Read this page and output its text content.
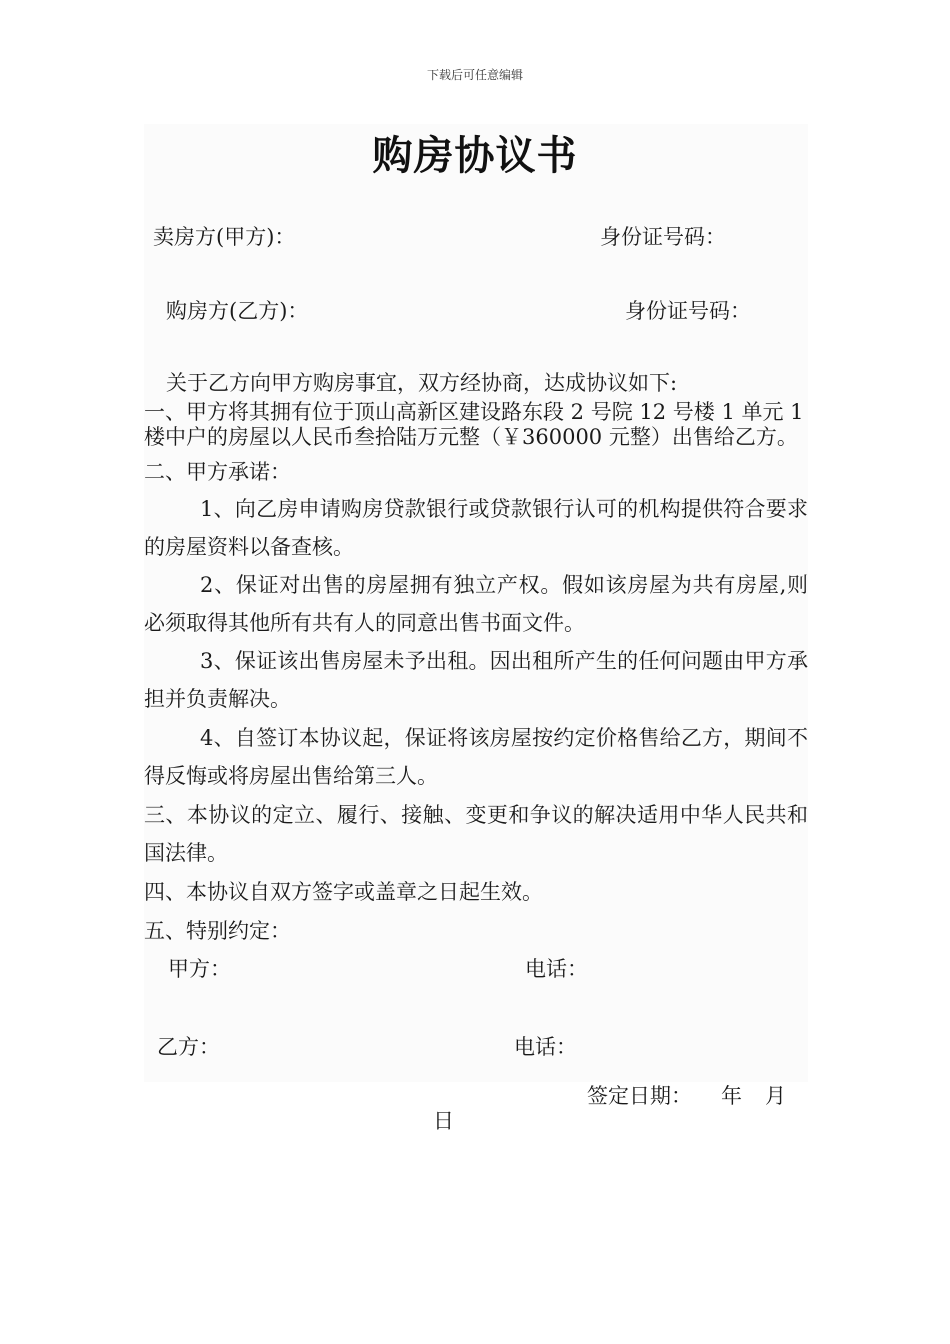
下载后可任意编辑
购房协议书
卖房方(甲方)：	身份证号码：
购房方(乙方)：	身份证号码：
关于乙方向甲方购房事宜，双方经协商，达成协议如下:
一、甲方将其拥有位于顶山高新区建设路东段 2 号院 12 号楼 1 单元 1
楼中户的房屋以人民币叁拾陆万元整（￥360000 元整）出售给乙方。
二、甲方承诺：
1、向乙房申请购房贷款银行或贷款银行认可的机构提供符合要求的房屋资料以备查核。
2、保证对出售的房屋拥有独立产权。假如该房屋为共有房屋,则必须取得其他所有共有人的同意出售书面文件。
3、保证该出售房屋未予出租。因出租所产生的任何问题由甲方承担并负责解决。
4、自签订本协议起，保证将该房屋按约定价格售给乙方，期间不得反悔或将房屋出售给第三人。
三、本协议的定立、履行、接触、变更和争议的解决适用中华人民共和国法律。
四、本协议自双方签字或盖章之日起生效。
五、特别约定：
甲方：	电话：
乙方：	电话：
签定日期： 年 月
日
